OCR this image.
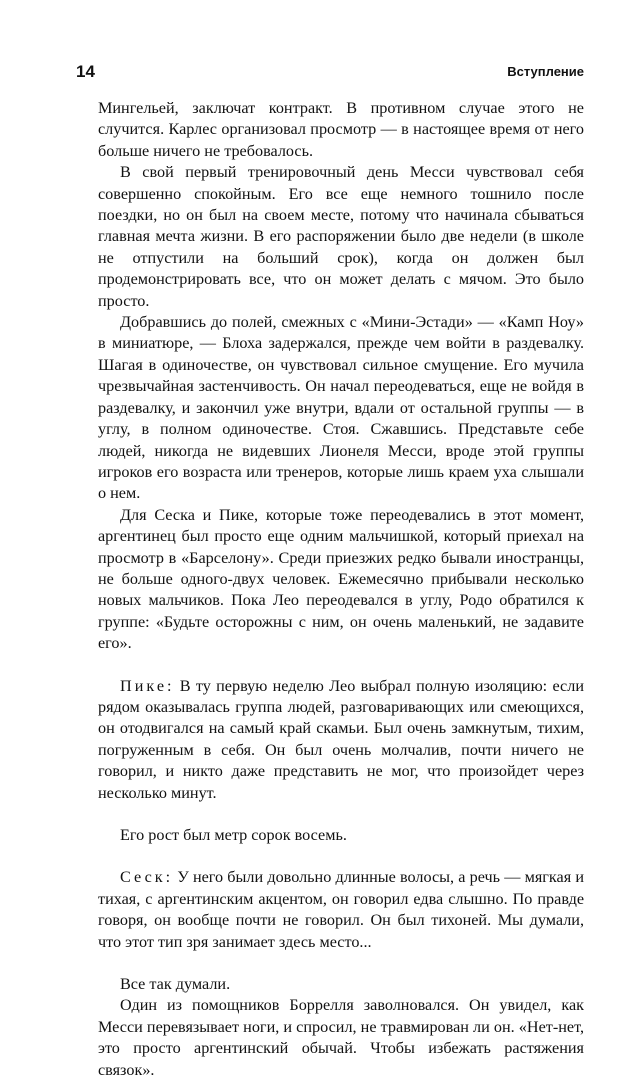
14	Вступление

Мингельей, заключат контракт. В противном случае этого не случится. Карлес организовал просмотр — в настоящее время от него больше ничего не требовалось.

В свой первый тренировочный день Месси чувствовал себя совершенно спокойным. Его все еще немного тошнило после поездки, но он был на своем месте, потому что начинала сбываться главная мечта жизни. В его распоряжении было две недели (в школе не отпустили на больший срок), когда он должен был продемонстрировать все, что он может делать с мячом. Это было просто.

Добравшись до полей, смежных с «Мини-Эстади» — «Камп Ноу» в миниатюре, — Блоха задержался, прежде чем войти в раздевалку. Шагая в одиночестве, он чувствовал сильное смущение. Его мучила чрезвычайная застенчивость. Он начал переодеваться, еще не войдя в раздевалку, и закончил уже внутри, вдали от остальной группы — в углу, в полном одиночестве. Стоя. Сжавшись. Представьте себе людей, никогда не видевших Лионеля Месси, вроде этой группы игроков его возраста или тренеров, которые лишь краем уха слышали о нем.

Для Сеска и Пике, которые тоже переодевались в этот момент, аргентинец был просто еще одним мальчишкой, который приехал на просмотр в «Барселону». Среди приезжих редко бывали иностранцы, не больше одного-двух человек. Ежемесячно прибывали несколько новых мальчиков. Пока Лео переодевался в углу, Родо обратился к группе: «Будьте осторожны с ним, он очень маленький, не задавите его».

Пике: В ту первую неделю Лео выбрал полную изоляцию: если рядом оказывалась группа людей, разговаривающих или смеющихся, он отодвигался на самый край скамьи. Был очень замкнутым, тихим, погруженным в себя. Он был очень молчалив, почти ничего не говорил, и никто даже представить не мог, что произойдет через несколько минут.

Его рост был метр сорок восемь.

Сеск: У него были довольно длинные волосы, а речь — мягкая и тихая, с аргентинским акцентом, он говорил едва слышно. По правде говоря, он вообще почти не говорил. Он был тихоней. Мы думали, что этот тип зря занимает здесь место...

Все так думали.

Один из помощников Боррелля заволновался. Он увидел, как Месси перевязывает ноги, и спросил, не травмирован ли он. «Нет-нет, это просто аргентинский обычай. Чтобы избежать растяжения связок».
